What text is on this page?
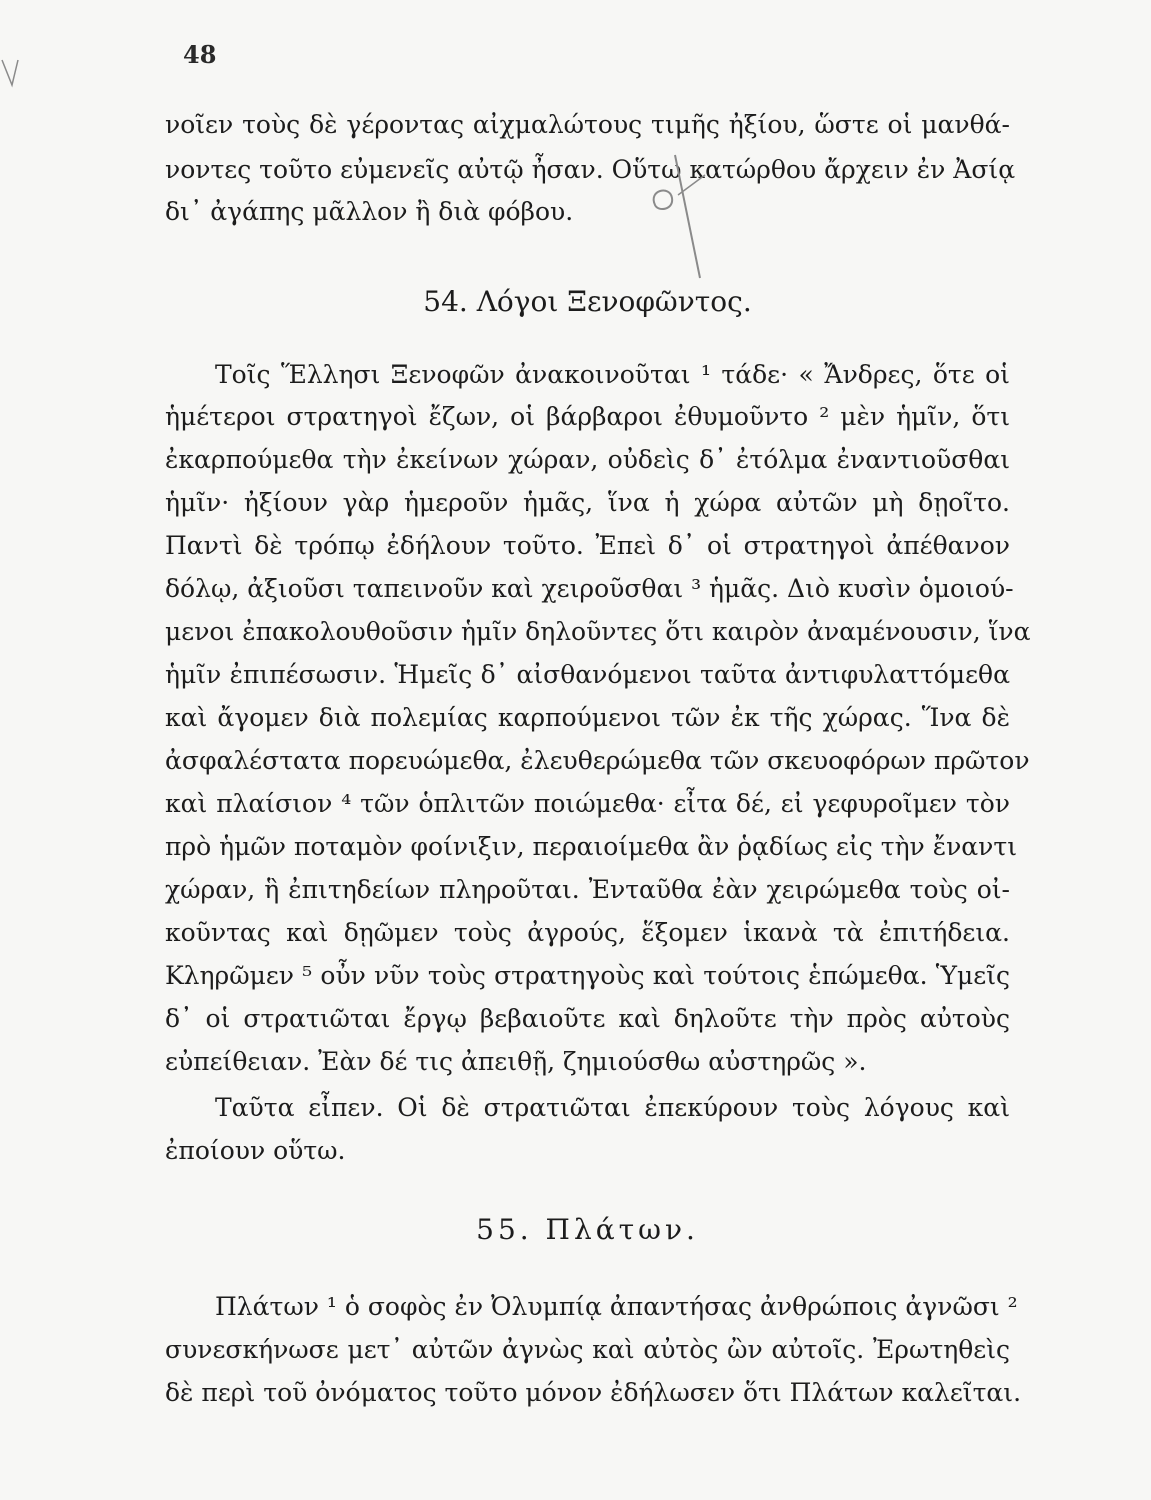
48
νοῖεν τοὺς δὲ γέροντας αἰχμαλώτους τιμῆς ἠξίου, ὥστε οἱ μανθά-
νοντες τοῦτο εὐμενεῖς αὐτῷ ἦσαν. Οὕτω κατώρθου ἄρχειν ἐν Ἀσίᾳ
δι᾽ ἀγάπης μᾶλλον ἢ διὰ φόβου.
54. Λόγοι Ξενοφῶντος.
Τοῖς Ἕλλησι Ξενοφῶν ἀνακοινοῦται ¹ τάδε· « Ἄνδρες, ὅτε οἱ
ἡμέτεροι στρατηγοὶ ἔζων, οἱ βάρβαροι ἐθυμοῦντο ² μὲν ἡμῖν, ὅτι
ἐκαρπούμεθα τὴν ἐκείνων χώραν, οὐδεὶς δ᾽ ἐτόλμα ἐναντιοῦσθαι
ἡμῖν· ἠξίουν γὰρ ἡμεροῦν ἡμᾶς, ἵνα ἡ χώρα αὐτῶν μὴ δῃοῖτο.
Παντὶ δὲ τρόπῳ ἐδήλουν τοῦτο. Ἐπεὶ δ᾽ οἱ στρατηγοὶ ἀπέθανον
δόλῳ, ἀξιοῦσι ταπεινοῦν καὶ χειροῦσθαι ³ ἡμᾶς. Διὸ κυσὶν ὁμοιού-
μενοι ἐπακολουθοῦσιν ἡμῖν δηλοῦντες ὅτι καιρὸν ἀναμένουσιν, ἵνα
ἡμῖν ἐπιπέσωσιν. Ἡμεῖς δ᾽ αἰσθανόμενοι ταῦτα ἀντιφυλαττόμεθα
καὶ ἄγομεν διὰ πολεμίας καρπούμενοι τῶν ἐκ τῆς χώρας. Ἵνα δὲ
ἀσφαλέστατα πορευώμεθα, ἐλευθερώμεθα τῶν σκευοφόρων πρῶτον
καὶ πλαίσιον ⁴ τῶν ὁπλιτῶν ποιώμεθα· εἶτα δέ, εἰ γεφυροῖμεν τὸν
πρὸ ἡμῶν ποταμὸν φοίνιξιν, περαιοίμεθα ἂν ῥᾳδίως εἰς τὴν ἔναντι
χώραν, ἣ ἐπιτηδείων πληροῦται. Ἐνταῦθα ἐὰν χειρώμεθα τοὺς οἰ-
κοῦντας καὶ δῃῶμεν τοὺς ἀγρούς, ἕξομεν ἱκανὰ τὰ ἐπιτήδεια.
Κληρῶμεν ⁵ οὖν νῦν τοὺς στρατηγοὺς καὶ τούτοις ἑπώμεθα. Ὑμεῖς
δ᾽ οἱ στρατιῶται ἔργῳ βεβαιοῦτε καὶ δηλοῦτε τὴν πρὸς αὐτοὺς
εὐπείθειαν. Ἐὰν δέ τις ἀπειθῇ, ζημιούσθω αὐστηρῶς ».
Ταῦτα εἶπεν. Οἱ δὲ στρατιῶται ἐπεκύρουν τοὺς λόγους καὶ
ἐποίουν οὕτω.
55. Πλάτων.
Πλάτων ¹ ὁ σοφὸς ἐν Ὀλυμπίᾳ ἀπαντήσας ἀνθρώποις ἀγνῶσι ²
συνεσκήνωσε μετ᾽ αὐτῶν ἀγνὼς καὶ αὐτὸς ὢν αὐτοῖς. Ἐρωτηθεὶς
δὲ περὶ τοῦ ὀνόματος τοῦτο μόνον ἐδήλωσεν ὅτι Πλάτων καλεῖται.
